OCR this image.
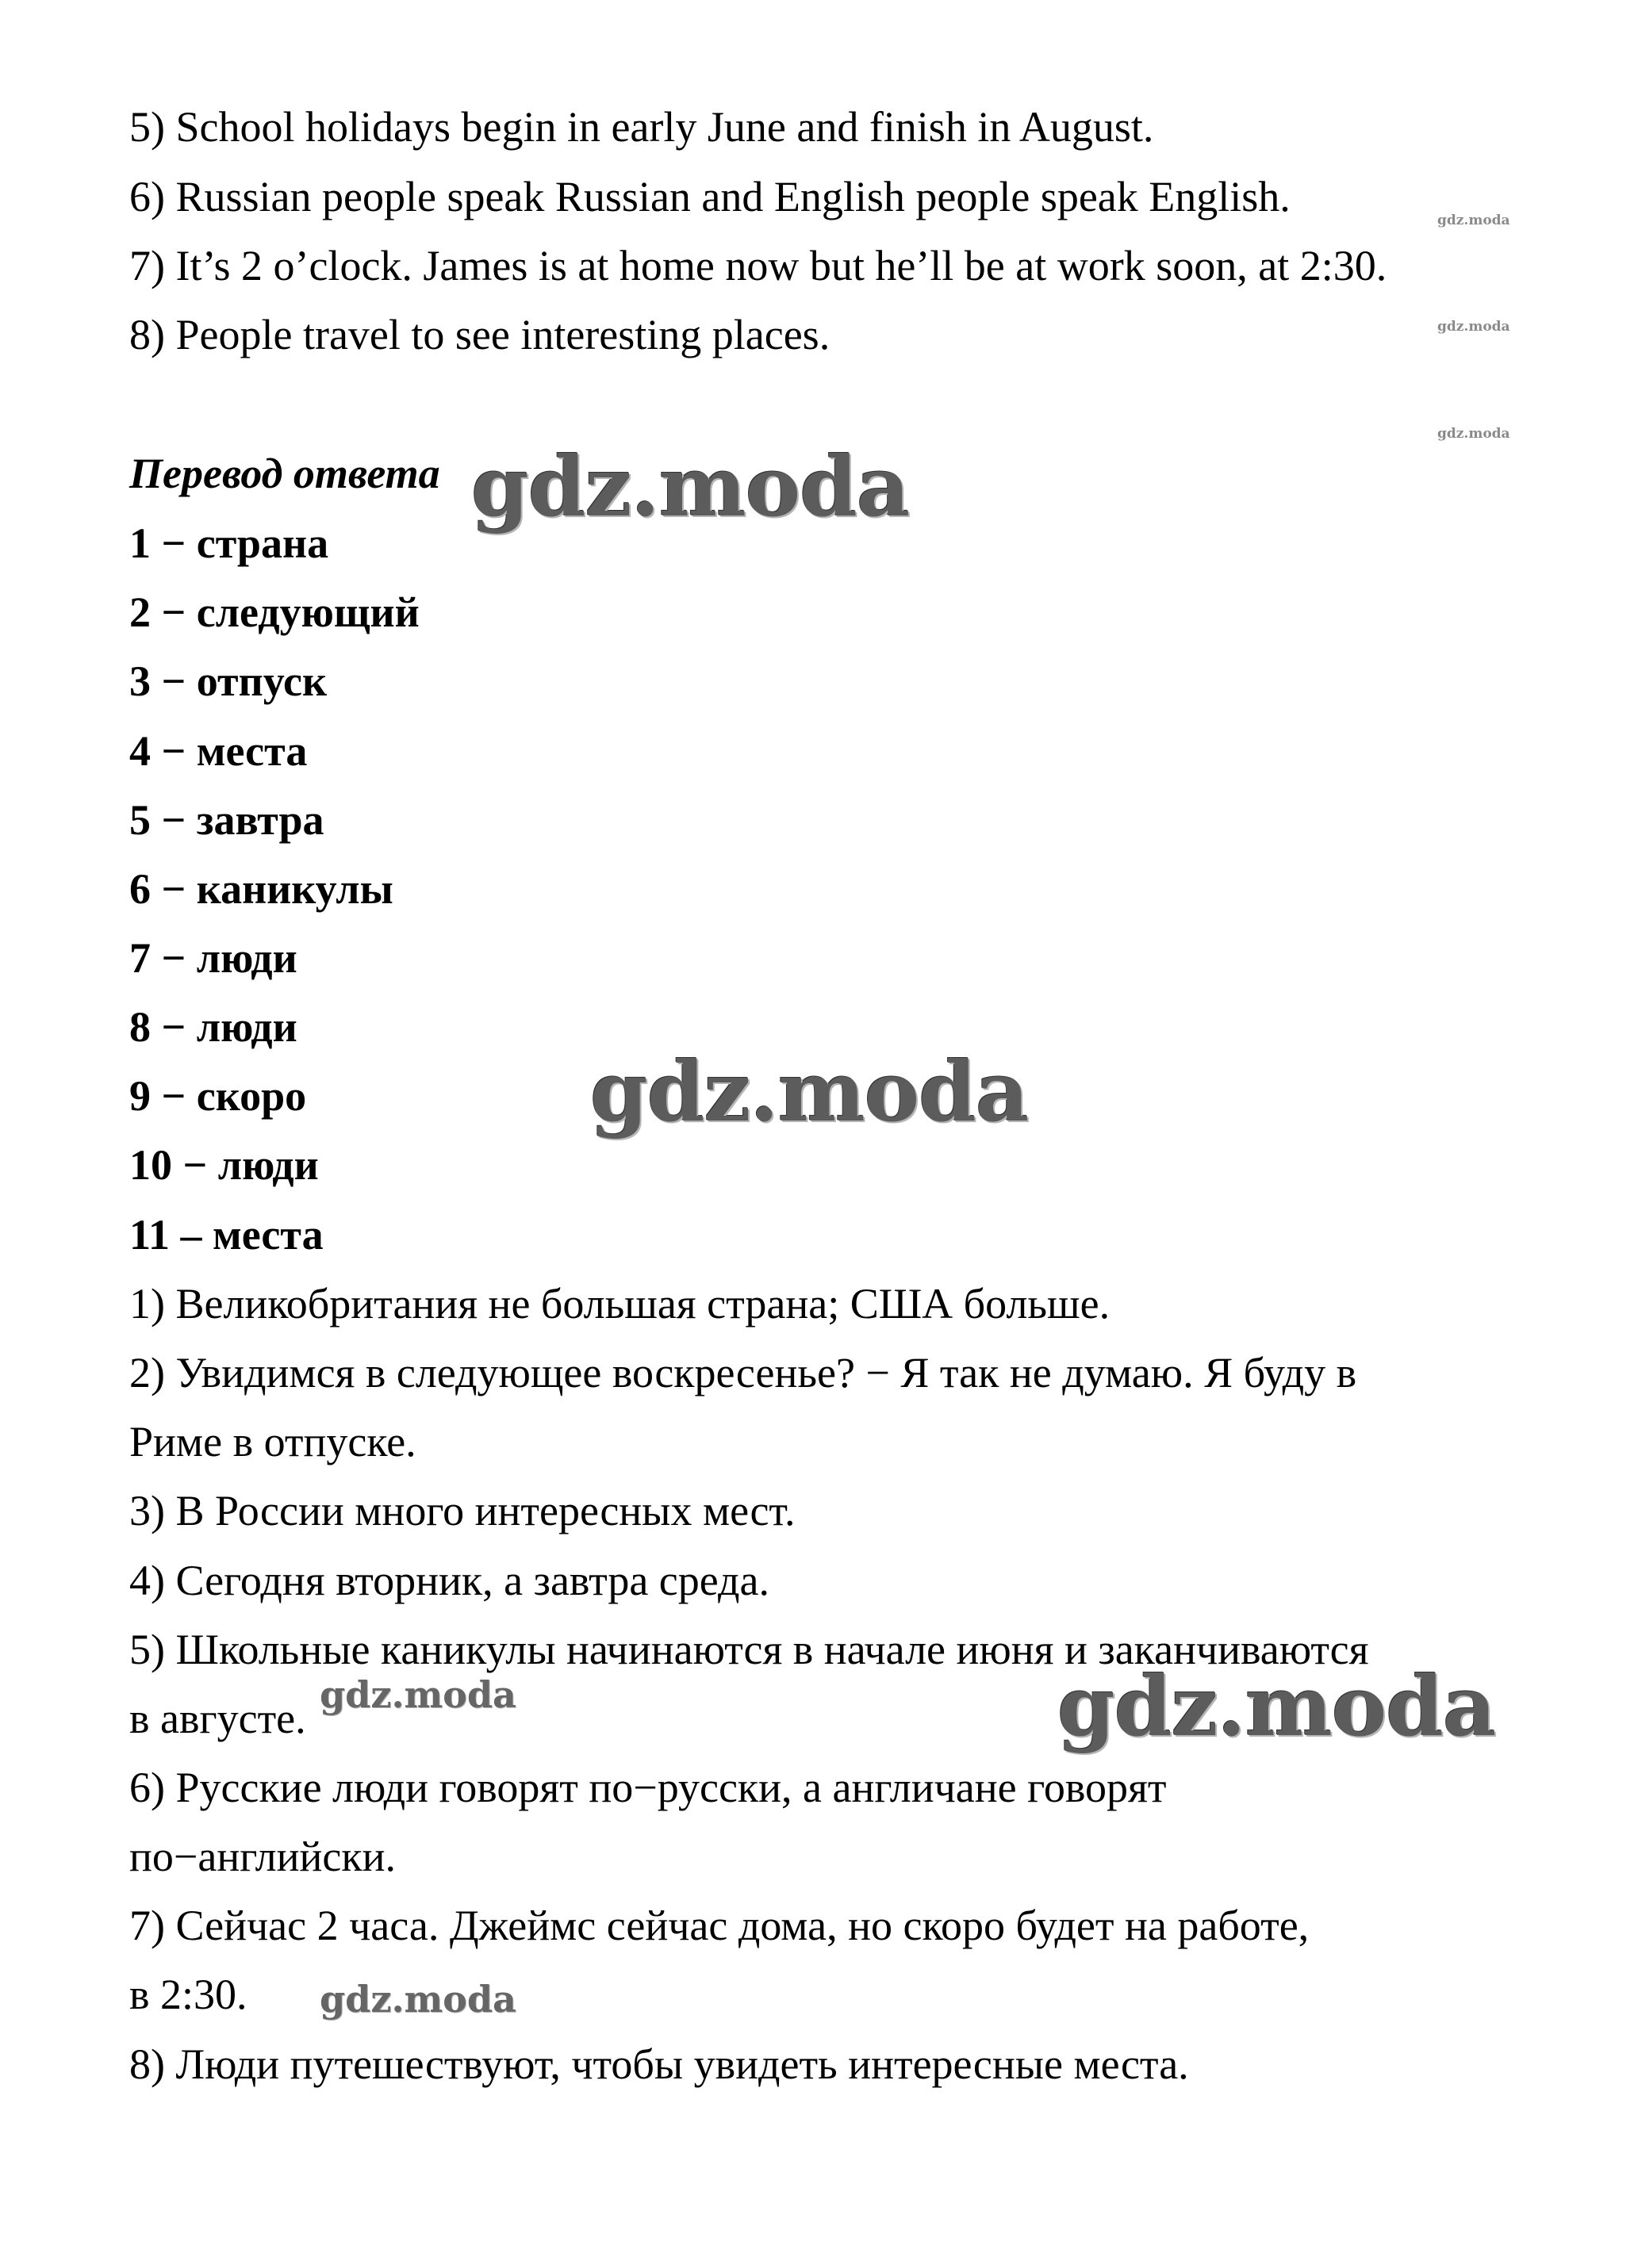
5) School holidays begin in early June and finish in August.
6) Russian people speak Russian and English people speak English.
7) It’s 2 o’clock. James is at home now but he’ll be at work soon, at 2:30.
8) People travel to see interesting places.
gdz.moda
gdz.moda
gdz.moda
Перевод ответа
1 − страна
2 − следующий
3 − отпуск
4 − места
5 − завтра
6 − каникулы
7 − люди
8 − люди
9 − скоро
10 − люди
11 – места
1) Великобритания не большая страна; США больше.
2) Увидимся в следующее воскресенье? − Я так не думаю. Я буду в
Риме в отпуске.
3) В России много интересных мест.
4) Сегодня вторник, а завтра среда.
5) Школьные каникулы начинаются в начале июня и заканчиваются
в августе.
6) Русские люди говорят по−русски, а англичане говорят
по−английски.
7) Сейчас 2 часа. Джеймс сейчас дома, но скоро будет на работе,
в 2:30.
8) Люди путешествуют, чтобы увидеть интересные места.
gdz.moda
gdz.moda
gdz.moda
gdz.moda
gdz.moda
